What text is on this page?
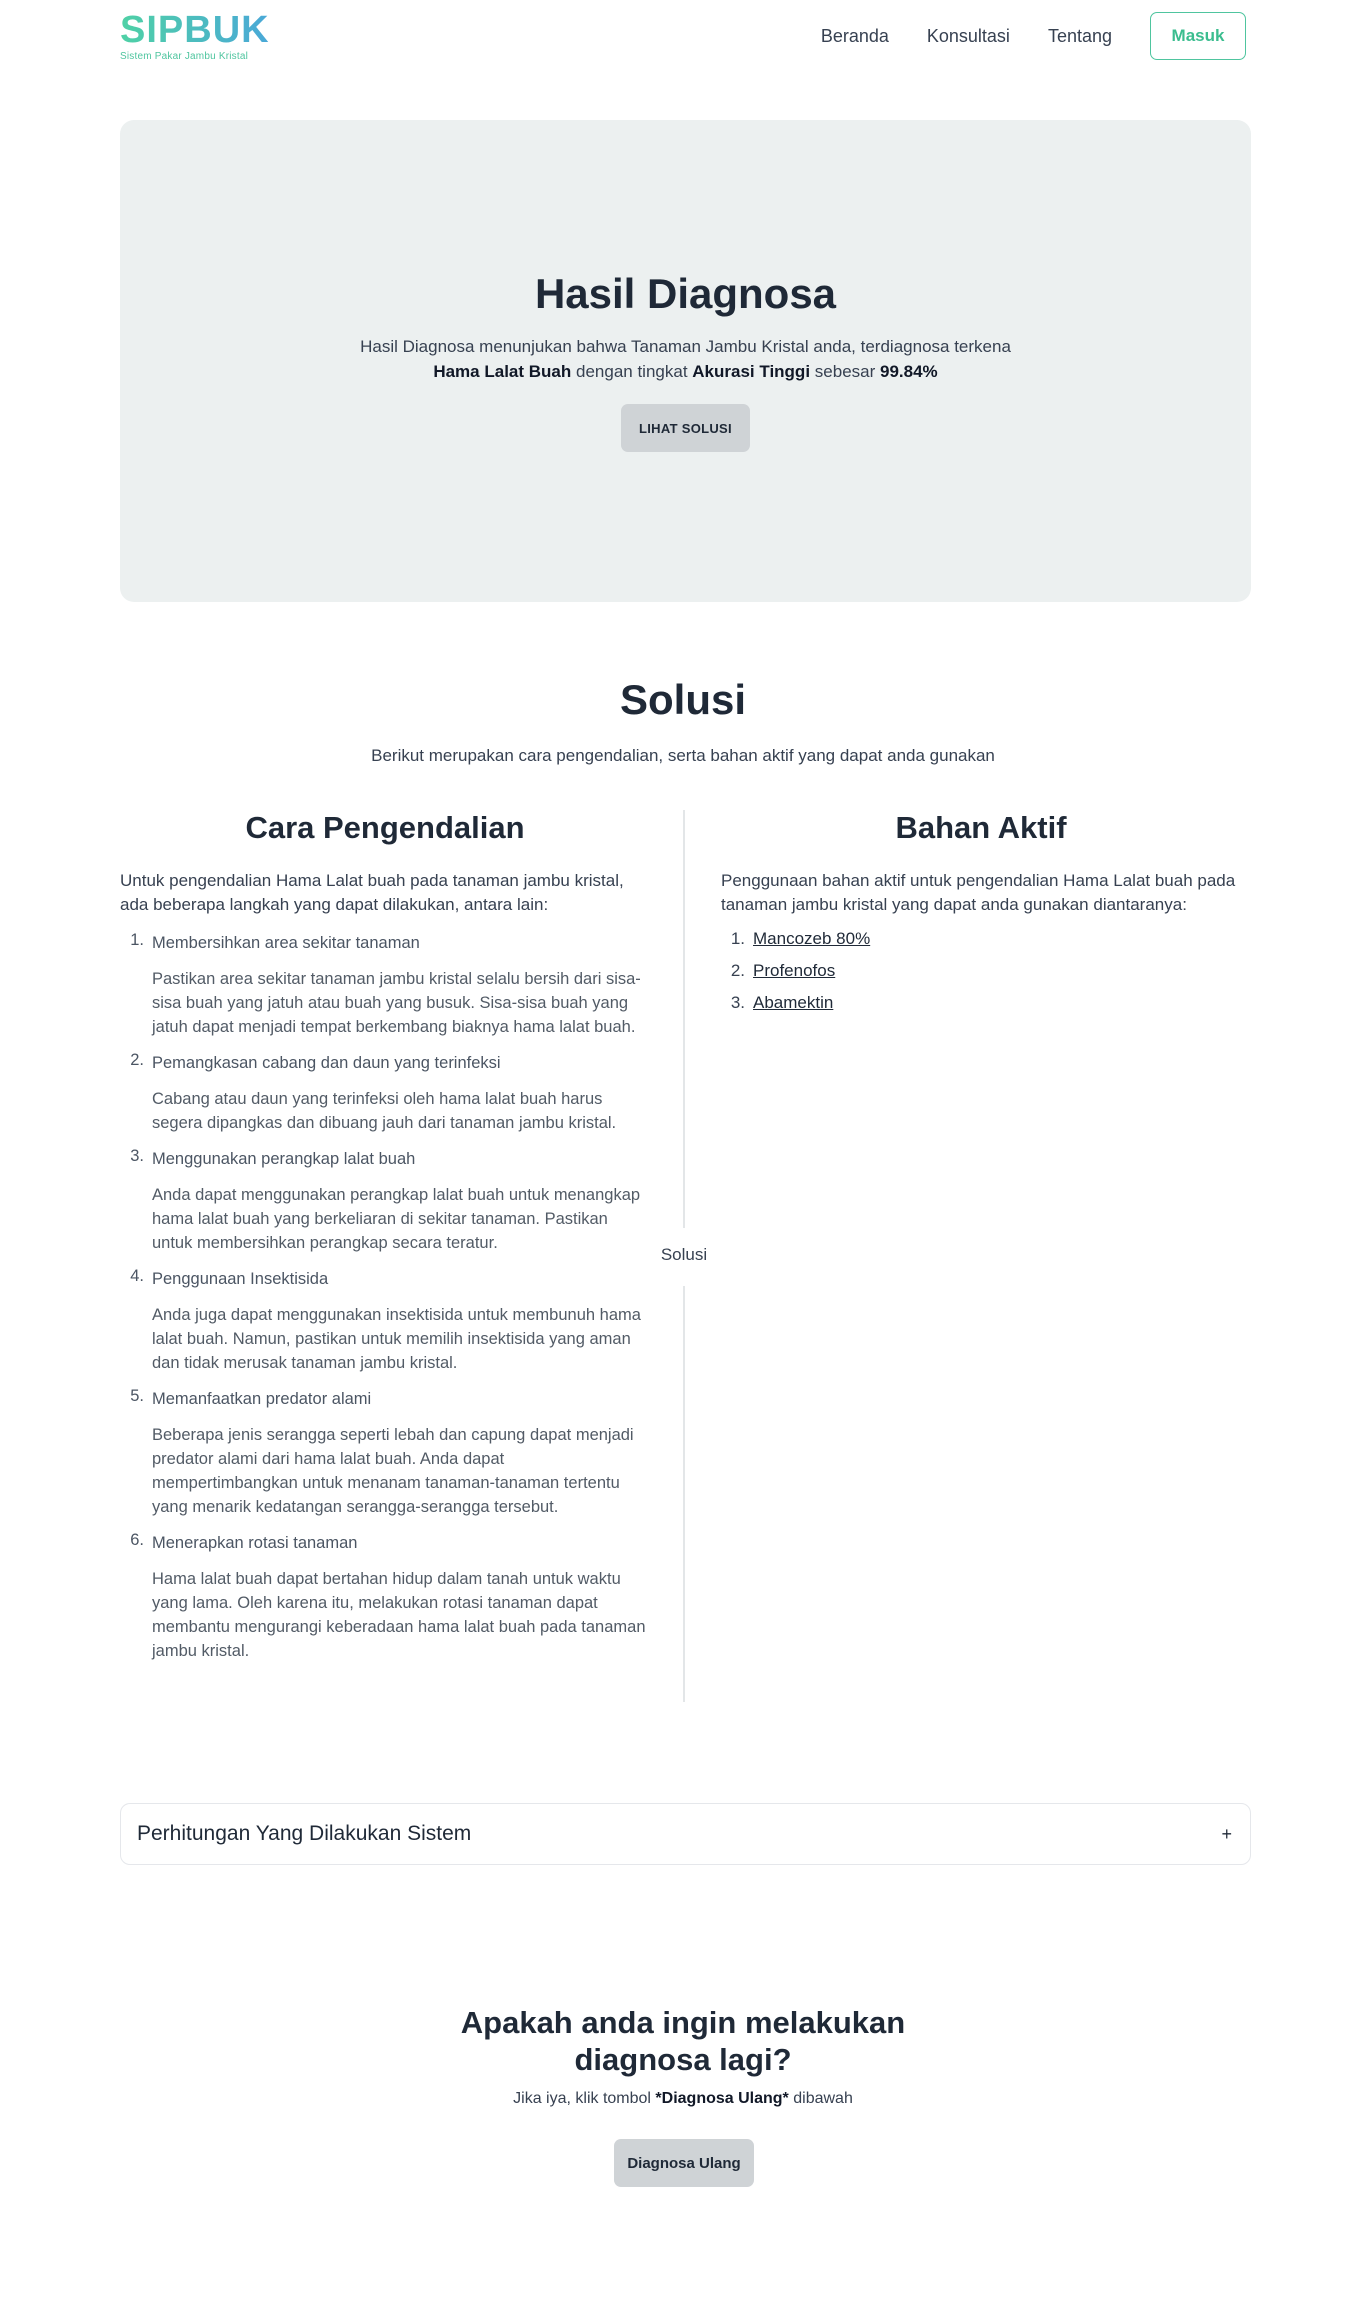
SIPBUK
Sistem Pakar Jambu Kristal
Beranda Konsultasi Tentang	Masuk
Hasil Diagnosa
Hasil Diagnosa menunjukan bahwa Tanaman Jambu Kristal anda, terdiagnosa terkena
Hama Lalat Buah dengan tingkat Akurasi Tinggi sebesar 99.84%
LIHAT SOLUSI
Solusi
Berikut merupakan cara pengendalian, serta bahan aktif yang dapat anda gunakan
Cara Pengendalian
Untuk pengendalian Hama Lalat buah pada tanaman jambu kristal, ada beberapa langkah yang dapat dilakukan, antara lain:
1. Membersihkan area sekitar tanaman
Pastikan area sekitar tanaman jambu kristal selalu bersih dari sisa-sisa buah yang jatuh atau buah yang busuk. Sisa-sisa buah yang jatuh dapat menjadi tempat berkembang biaknya hama lalat buah.
2. Pemangkasan cabang dan daun yang terinfeksi
Cabang atau daun yang terinfeksi oleh hama lalat buah harus segera dipangkas dan dibuang jauh dari tanaman jambu kristal.
3. Menggunakan perangkap lalat buah
Anda dapat menggunakan perangkap lalat buah untuk menangkap hama lalat buah yang berkeliaran di sekitar tanaman. Pastikan untuk membersihkan perangkap secara teratur.
4. Penggunaan Insektisida
Anda juga dapat menggunakan insektisida untuk membunuh hama lalat buah. Namun, pastikan untuk memilih insektisida yang aman dan tidak merusak tanaman jambu kristal.
5. Memanfaatkan predator alami
Beberapa jenis serangga seperti lebah dan capung dapat menjadi predator alami dari hama lalat buah. Anda dapat mempertimbangkan untuk menanam tanaman-tanaman tertentu yang menarik kedatangan serangga-serangga tersebut.
6. Menerapkan rotasi tanaman
Hama lalat buah dapat bertahan hidup dalam tanah untuk waktu yang lama. Oleh karena itu, melakukan rotasi tanaman dapat membantu mengurangi keberadaan hama lalat buah pada tanaman jambu kristal.
Solusi
Bahan Aktif
Penggunaan bahan aktif untuk pengendalian Hama Lalat buah pada tanaman jambu kristal yang dapat anda gunakan diantaranya:
1. Mancozeb 80%
2. Profenofos
3. Abamektin
Perhitungan Yang Dilakukan Sistem	+
Apakah anda ingin melakukan
diagnosa lagi?
Jika iya, klik tombol *Diagnosa Ulang* dibawah
Diagnosa Ulang
